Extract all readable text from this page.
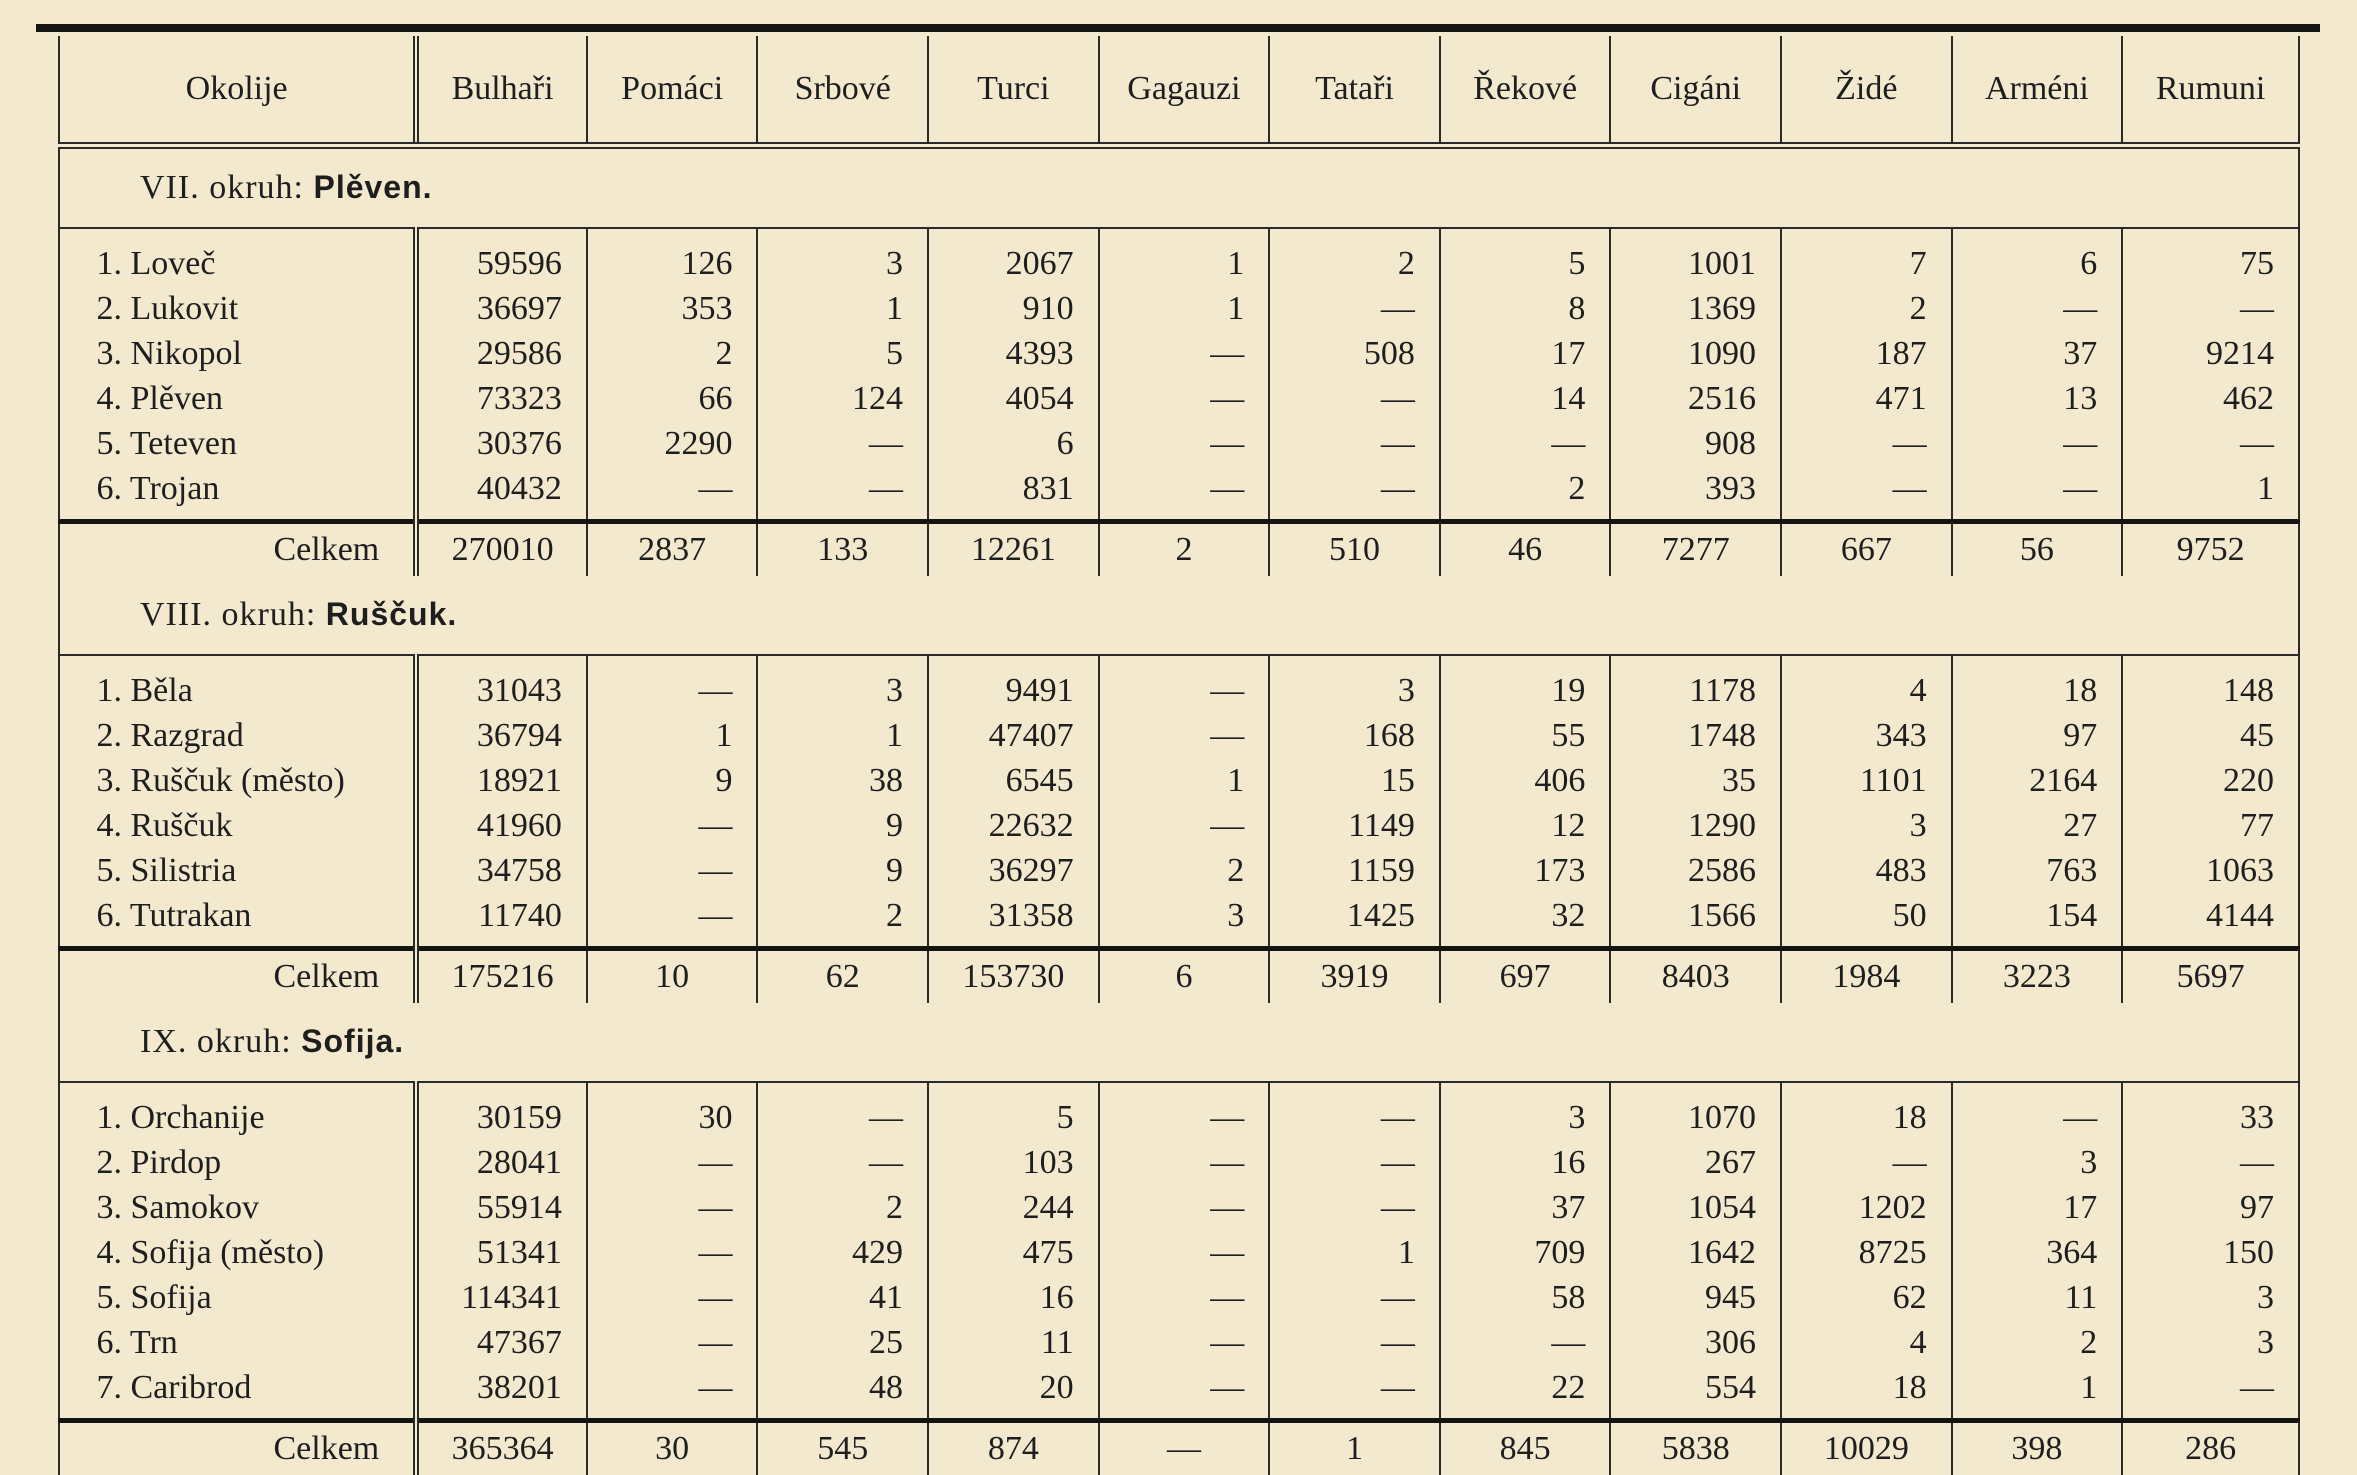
Okolije	Bulhaři	Pomáci	Srbové	Turci	Gagauzi	Tataři	Řekové	Cigáni	Židé	Arméni	Rumuni
VII. okruh: Plěven.											
1. Loveč	59596	126	3	2067	1	2	5	1001	7	6	75
2. Lukovit	36697	353	1	910	1	—	8	1369	2	—	—
3. Nikopol	29586	2	5	4393	—	508	17	1090	187	37	9214
4. Plěven	73323	66	124	4054	—	—	14	2516	471	13	462
5. Teteven	30376	2290	—	6	—	—	—	908	—	—	—
6. Trojan	40432	—	—	831	—	—	2	393	—	—	1
Celkem	270010	2837	133	12261	2	510	46	7277	667	56	9752
VIII. okruh: Ruščuk.											
1. Běla	31043	—	3	9491	—	3	19	1178	4	18	148
2. Razgrad	36794	1	1	47407	—	168	55	1748	343	97	45
3. Ruščuk (město)	18921	9	38	6545	1	15	406	35	1101	2164	220
4. Ruščuk	41960	—	9	22632	—	1149	12	1290	3	27	77
5. Silistria	34758	—	9	36297	2	1159	173	2586	483	763	1063
6. Tutrakan	11740	—	2	31358	3	1425	32	1566	50	154	4144
Celkem	175216	10	62	153730	6	3919	697	8403	1984	3223	5697
IX. okruh: Sofija.											
1. Orchanije	30159	30	—	5	—	—	3	1070	18	—	33
2. Pirdop	28041	—	—	103	—	—	16	267	—	3	—
3. Samokov	55914	—	2	244	—	—	37	1054	1202	17	97
4. Sofija (město)	51341	—	429	475	—	1	709	1642	8725	364	150
5. Sofija	114341	—	41	16	—	—	58	945	62	11	3
6. Trn	47367	—	25	11	—	—	—	306	4	2	3
7. Caribrod	38201	—	48	20	—	—	22	554	18	1	—
Celkem	365364	30	545	874	—	1	845	5838	10029	398	286
